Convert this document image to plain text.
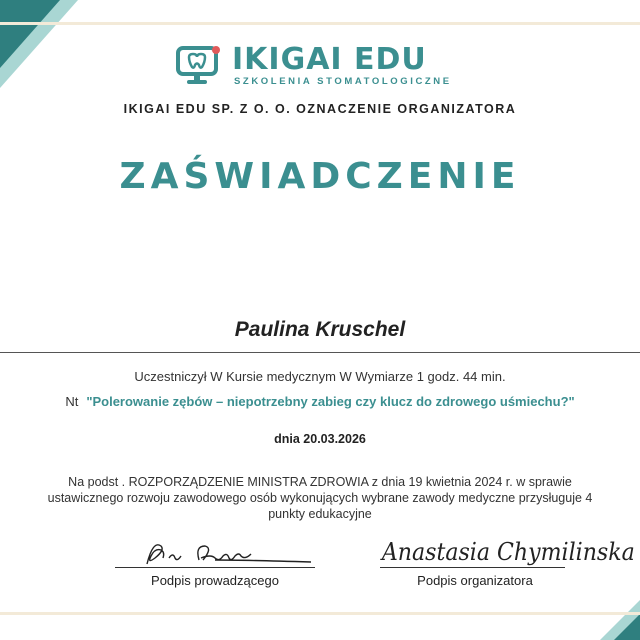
IKIGAI EDU
SZKOLENIA STOMATOLOGICZNE
IKIGAI EDU SP. Z O. O. OZNACZENIE ORGANIZATORA
ZAŚWIADCZENIE
Paulina Kruschel
Uczestniczył W Kursie medycznym W Wymiarze 1 godz. 44 min.
Nt "Polerowanie zębów – niepotrzebny zabieg czy klucz do zdrowego uśmiechu?"
dnia 20.03.2026
Na podst . ROZPORZĄDZENIE MINISTRA ZDROWIA z dnia 19 kwietnia 2024 r. w sprawie ustawicznego rozwoju zawodowego osób wykonujących wybrane zawody medyczne przysługuje 4 punkty edukacyjne
Podpis prowadzącego
Anastasia Chymilinska
Podpis organizatora
